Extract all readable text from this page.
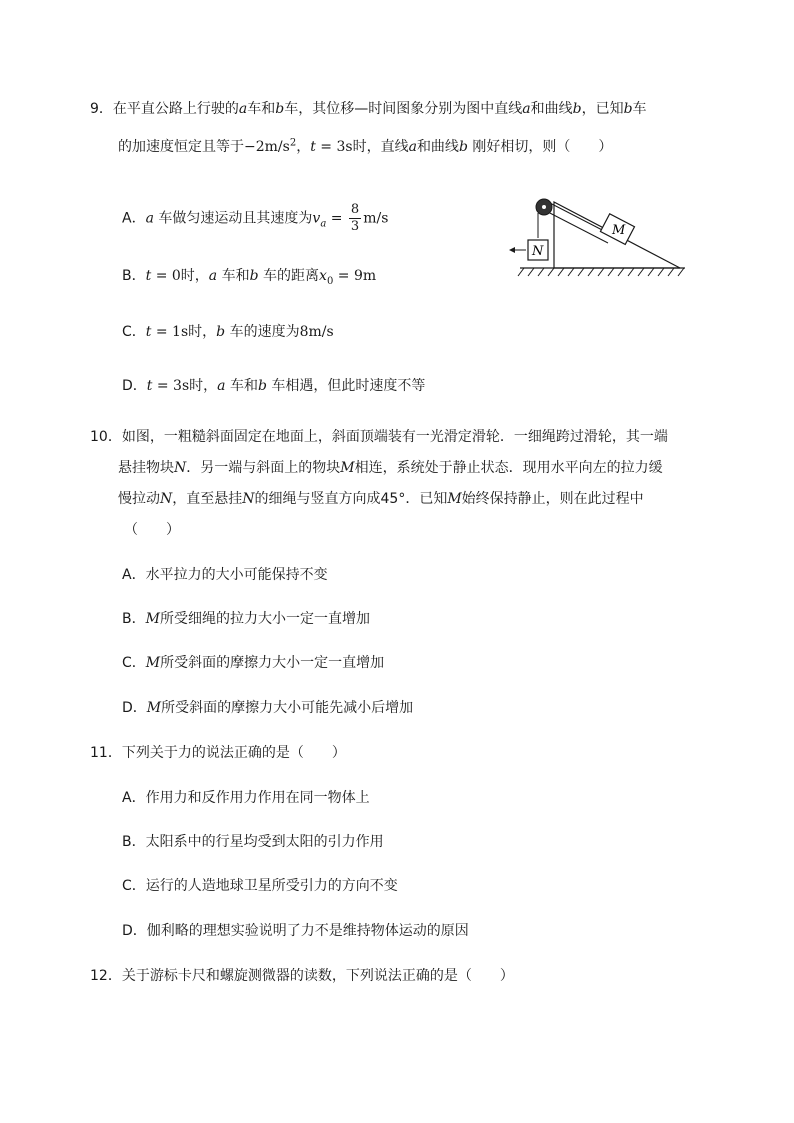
9．在平直公路上行驶的a车和b车，其位移—时间图象分别为图中直线a和曲线b，已知b车
的加速度恒定且等于$-2m/s^2$，t = 3s时，直线a和曲线b 刚好相切，则（　　）
A．a 车做匀速运动且其速度为$v_a = \frac{8}{3} m/s$
B．t = 0时，a 车和b 车的距离$x_0 = 9m$
C．t = 1s时，b 车的速度为8m/s
D．t = 3s时，a 车和b 车相遇，但此时速度不等
M
N
10．如图，一粗糙斜面固定在地面上，斜面顶端装有一光滑定滑轮．一细绳跨过滑轮，其一端
悬挂物块N．另一端与斜面上的物块M相连，系统处于静止状态．现用水平向左的拉力缓
慢拉动N，直至悬挂N的细绳与竖直方向成45°．已知M始终保持静止，则在此过程中
（　　）
A．水平拉力的大小可能保持不变
B．M所受细绳的拉力大小一定一直增加
C．M所受斜面的摩擦力大小一定一直增加
D．M所受斜面的摩擦力大小可能先减小后增加
11．下列关于力的说法正确的是（　　）
A．作用力和反作用力作用在同一物体上
B．太阳系中的行星均受到太阳的引力作用
C．运行的人造地球卫星所受引力的方向不变
D．伽利略的理想实验说明了力不是维持物体运动的原因
12．关于游标卡尺和螺旋测微器的读数，下列说法正确的是（　　）
